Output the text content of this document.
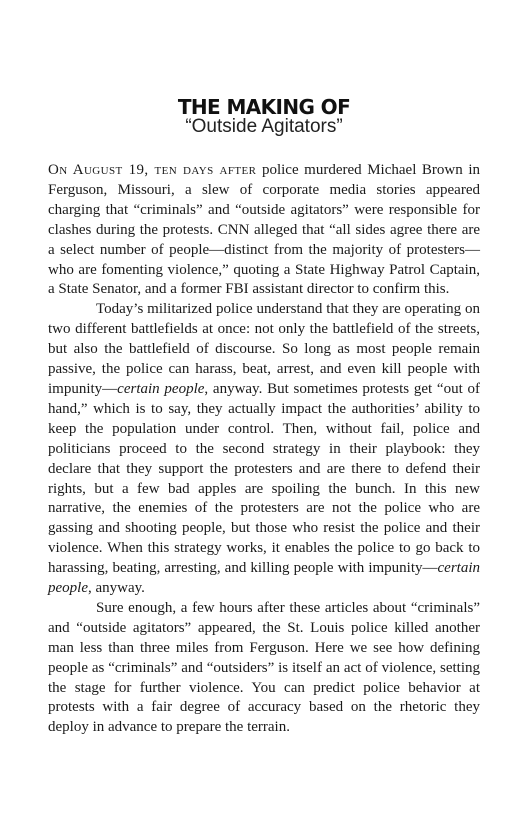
THE MAKING OF
“Outside Agitators”

On August 19, ten days after police murdered Michael Brown in Ferguson, Missouri, a slew of corporate media stories appeared charging that “criminals” and “outside agitators” were responsible for clashes during the protests. CNN alleged that “all sides agree there are a select number of people—distinct from the majority of protesters—who are fomenting violence,” quoting a State Highway Patrol Captain, a State Senator, and a former FBI assistant director to confirm this.

Today’s militarized police understand that they are operating on two different battlefields at once: not only the battlefield of the streets, but also the battlefield of discourse. So long as most people remain passive, the police can harass, beat, arrest, and even kill people with impunity—certain people, anyway. But sometimes protests get “out of hand,” which is to say, they actually impact the authorities’ ability to keep the population under control. Then, without fail, police and politicians proceed to the second strategy in their playbook: they declare that they support the protesters and are there to defend their rights, but a few bad apples are spoiling the bunch. In this new narrative, the enemies of the protesters are not the police who are gassing and shooting people, but those who resist the police and their violence. When this strategy works, it enables the police to go back to harassing, beating, arresting, and killing people with impunity—certain people, anyway.

Sure enough, a few hours after these articles about “criminals” and “outside agitators” appeared, the St. Louis police killed another man less than three miles from Ferguson. Here we see how defining people as “criminals” and “outsiders” is itself an act of violence, setting the stage for further violence. You can predict police behavior at protests with a fair degree of accuracy based on the rhetoric they deploy in advance to prepare the terrain.
